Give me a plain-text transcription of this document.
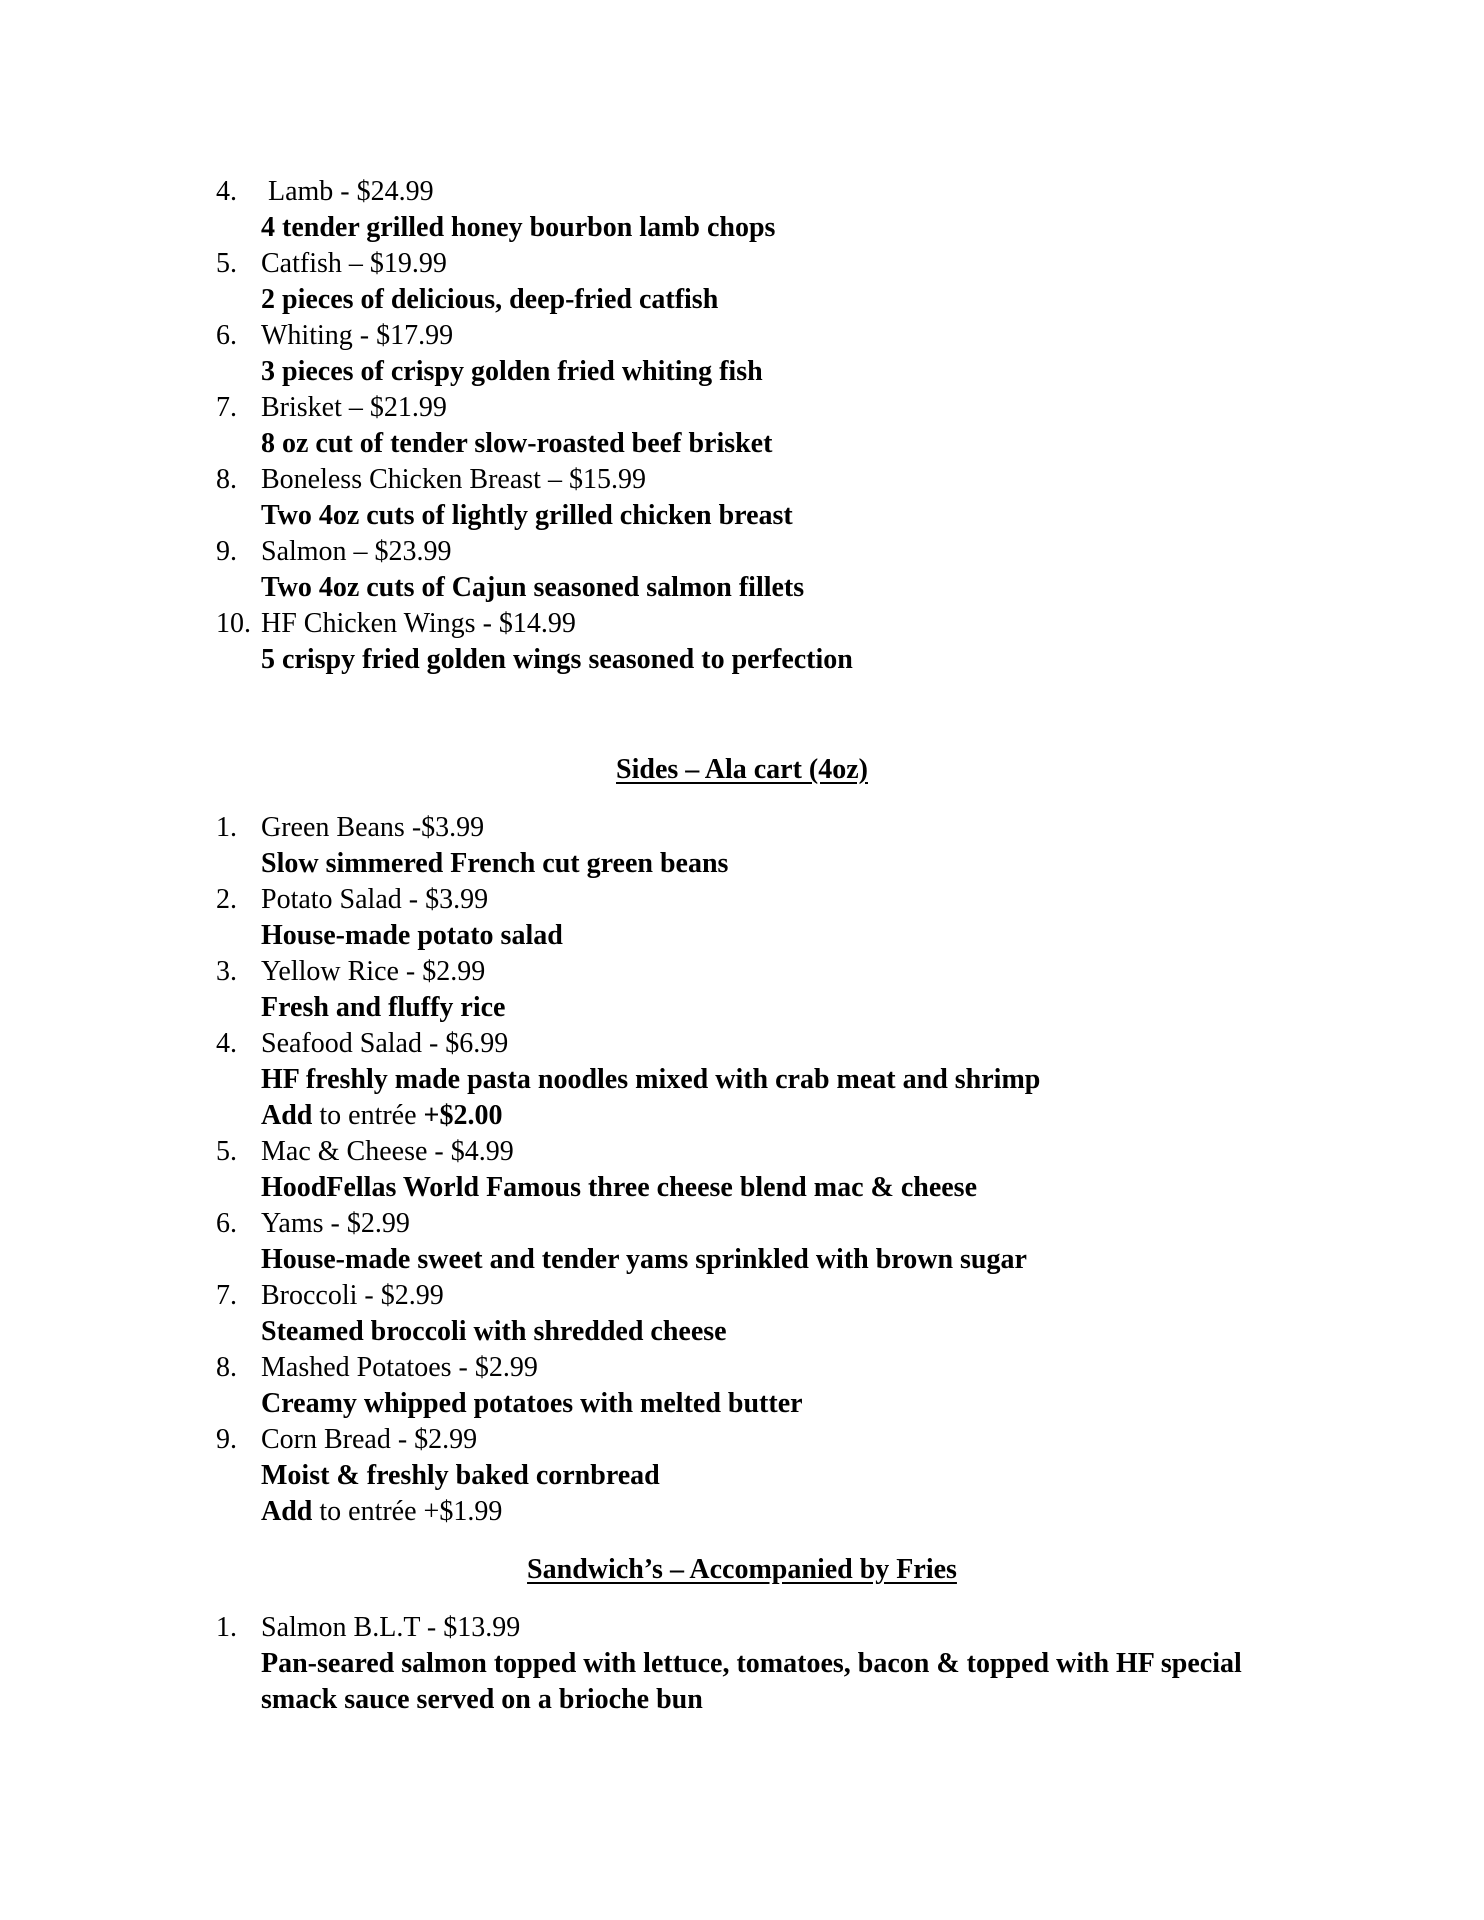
4. Lamb - $24.99
4 tender grilled honey bourbon lamb chops
5. Catfish – $19.99
2 pieces of delicious, deep-fried catfish
6. Whiting - $17.99
3 pieces of crispy golden fried whiting fish
7. Brisket – $21.99
8 oz cut of tender slow-roasted beef brisket
8. Boneless Chicken Breast – $15.99
Two 4oz cuts of lightly grilled chicken breast
9. Salmon – $23.99
Two 4oz cuts of Cajun seasoned salmon fillets
10. HF Chicken Wings - $14.99
5 crispy fried golden wings seasoned to perfection
Sides – Ala cart (4oz)
1. Green Beans -$3.99
Slow simmered French cut green beans
2. Potato Salad - $3.99
House-made potato salad
3. Yellow Rice - $2.99
Fresh and fluffy rice
4. Seafood Salad - $6.99
HF freshly made pasta noodles mixed with crab meat and shrimp
Add to entrée +$2.00
5. Mac & Cheese - $4.99
HoodFellas World Famous three cheese blend mac & cheese
6. Yams - $2.99
House-made sweet and tender yams sprinkled with brown sugar
7. Broccoli - $2.99
Steamed broccoli with shredded cheese
8. Mashed Potatoes - $2.99
Creamy whipped potatoes with melted butter
9. Corn Bread - $2.99
Moist & freshly baked cornbread
Add to entrée +$1.99
Sandwich’s – Accompanied by Fries
1. Salmon B.L.T - $13.99
Pan-seared salmon topped with lettuce, tomatoes, bacon & topped with HF special smack sauce served on a brioche bun
